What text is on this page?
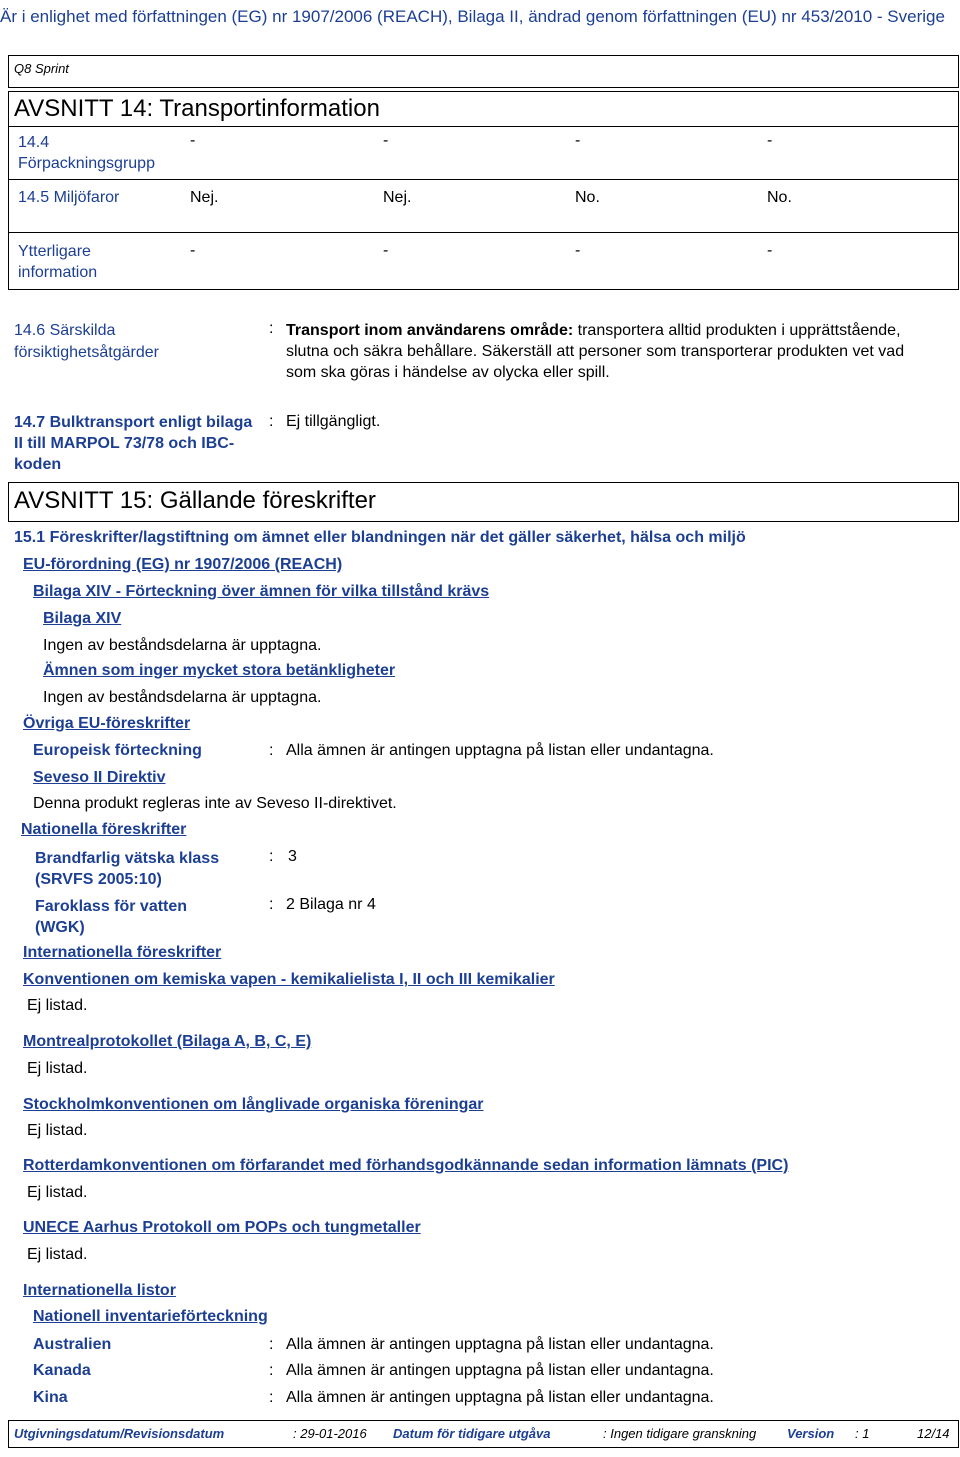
Är i enlighet med författningen (EG) nr 1907/2006 (REACH), Bilaga II, ändrad genom författningen (EU) nr 453/2010 - Sverige
Q8 Sprint
AVSNITT 14: Transportinformation
14.4 Förpackningsgrupp
-	-	-	-
14.5 Miljöfaror	Nej.	Nej.	No.	No.
Ytterligare information
-	-	-	-
14.6 Särskilda försiktighetsåtgärder
: Transport inom användarens område: transportera alltid produkten i upprättstående, slutna och säkra behållare. Säkerställ att personer som transporterar produkten vet vad som ska göras i händelse av olycka eller spill.
14.7 Bulktransport enligt bilaga II till MARPOL 73/78 och IBC-koden
: Ej tillgängligt.
AVSNITT 15: Gällande föreskrifter
15.1 Föreskrifter/lagstiftning om ämnet eller blandningen när det gäller säkerhet, hälsa och miljö
EU-förordning (EG) nr 1907/2006 (REACH)
Bilaga XIV - Förteckning över ämnen för vilka tillstånd krävs
Bilaga XIV
Ingen av beståndsdelarna är upptagna.
Ämnen som inger mycket stora betänkligheter
Ingen av beståndsdelarna är upptagna.
Övriga EU-föreskrifter
Europeisk förteckning	: Alla ämnen är antingen upptagna på listan eller undantagna.
Seveso II Direktiv
Denna produkt regleras inte av Seveso II-direktivet.
Nationella föreskrifter
Brandfarlig vätska klass (SRVFS 2005:10)
: 3
Faroklass för vatten (WGK)
: 2 Bilaga nr 4
Internationella föreskrifter
Konventionen om kemiska vapen - kemikalielista I, II och III kemikalier
Ej listad.
Montrealprotokollet (Bilaga A, B, C, E)
Ej listad.
Stockholmkonventionen om långlivade organiska föreningar
Ej listad.
Rotterdamkonventionen om förfarandet med förhandsgodkännande sedan information lämnats (PIC)
Ej listad.
UNECE Aarhus Protokoll om POPs och tungmetaller
Ej listad.
Internationella listor
Nationell inventarieförteckning
Australien	: Alla ämnen är antingen upptagna på listan eller undantagna.
Kanada	: Alla ämnen är antingen upptagna på listan eller undantagna.
Kina	: Alla ämnen är antingen upptagna på listan eller undantagna.
Utgivningsdatum/Revisionsdatum	: 29-01-2016 Datum för tidigare utgåva	: Ingen tidigare granskning Version : 1	12/14
